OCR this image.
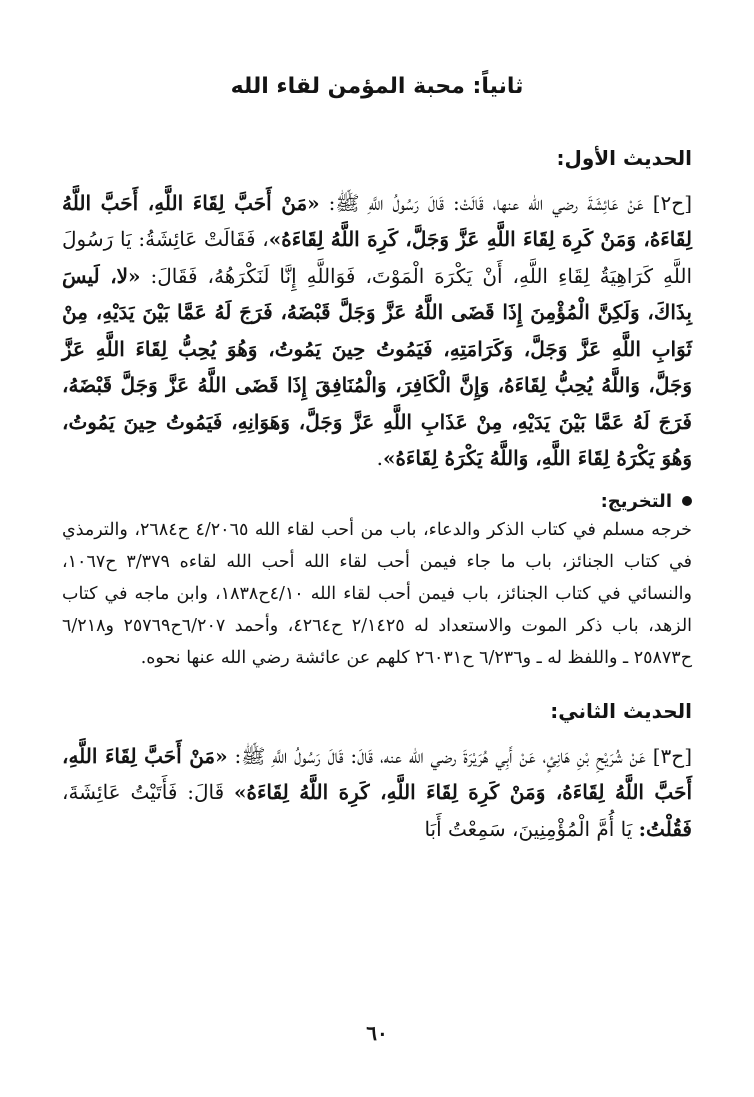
ثانياً: محبة المؤمن لقاء الله
الحديث الأول:

[ح٢] عَنْ عَائِشَةَ رضي الله عنها، قَالَتْ: قَالَ رَسُولُ اللَّهِ ﷺ: «مَنْ أَحَبَّ لِقَاءَ اللَّهِ، أَحَبَّ اللَّهُ لِقَاءَهُ، وَمَنْ كَرِهَ لِقَاءَ اللَّهِ عَزَّ وَجَلَّ، كَرِهَ اللَّهُ لِقَاءَهُ»، فَقَالَتْ عَائِشَةُ: يَا رَسُولَ اللَّهِ كَرَاهِيَةُ لِقَاءِ اللَّهِ، أَنْ يَكْرَهَ الْمَوْتَ، فَوَاللَّهِ إِنَّا لَنَكْرَهُهُ، فَقَالَ: «لا، لَيسَ بِذَاكَ، وَلَكِنَّ الْمُؤْمِنَ إِذَا قَضَى اللَّهُ عَزَّ وَجَلَّ قَبْضَهُ، فَرَجَ لَهُ عَمَّا بَيْنَ يَدَيْهِ، مِنْ ثَوَابِ اللَّهِ عَزَّ وَجَلَّ، وَكَرَامَتِهِ، فَيَمُوتُ حِينَ يَمُوتُ، وَهُوَ يُحِبُّ لِقَاءَ اللَّهِ عَزَّ وَجَلَّ، وَاللَّهُ يُحِبُّ لِقَاءَهُ، وَإِنَّ الْكَافِرَ، وَالْمُنَافِقَ إِذَا قَضَى اللَّهُ عَزَّ وَجَلَّ قَبْضَهُ، فَرَجَ لَهُ عَمَّا بَيْنَ يَدَيْهِ، مِنْ عَذَابِ اللَّهِ عَزَّ وَجَلَّ، وَهَوَانِهِ، فَيَمُوتُ حِينَ يَمُوتُ، وَهُوَ يَكْرَهُ لِقَاءَ اللَّهِ، وَاللَّهُ يَكْرَهُ لِقَاءَهُ».

التخريج:

خرجه مسلم في كتاب الذكر والدعاء، باب من أحب لقاء الله ٤/٢٠٦٥ ح٢٦٨٤، والترمذي في كتاب الجنائز، باب ما جاء فيمن أحب لقاء الله أحب الله لقاءه ٣/٣٧٩ ح١٠٦٧، والنسائي في كتاب الجنائز، باب فيمن أحب لقاء الله ٤/١٠ح١٨٣٨، وابن ماجه في كتاب الزهد، باب ذكر الموت والاستعداد له ٢/١٤٢٥ ح٤٢٦٤، وأحمد ٦/٢٠٧ح٢٥٧٦٩ و٦/٢١٨ ح٢٥٨٧٣ ـ واللفظ له ـ و٦/٢٣٦ ح٢٦٠٣١ كلهم عن عائشة رضي الله عنها نحوه.

الحديث الثاني:

[ح٣] عَنْ شُرَيْحِ بْنِ هَانِئٍ، عَنْ أَبِي هُرَيْرَةَ رضي الله عنه، قَالَ: قَالَ رَسُولُ اللَّهِ ﷺ: «مَنْ أَحَبَّ لِقَاءَ اللَّهِ، أَحَبَّ اللَّهُ لِقَاءَهُ، وَمَنْ كَرِهَ لِقَاءَ اللَّهِ، كَرِهَ اللَّهُ لِقَاءَهُ» قَالَ: فَأَتَيْتُ عَائِشَةَ، فَقُلْتُ: يَا أُمَّ الْمُؤْمِنِينَ، سَمِعْتُ أَبَا

٦٠
